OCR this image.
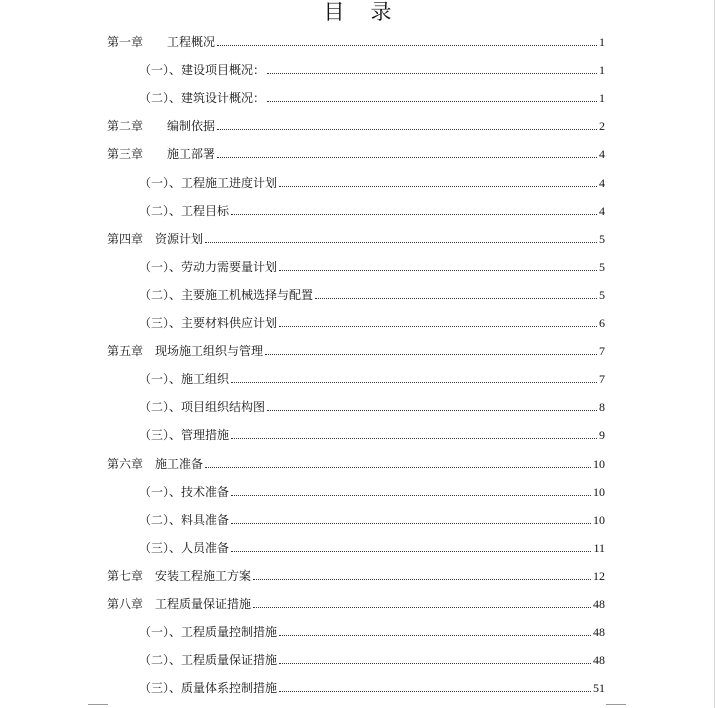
目录
第一章　　工程概况	1
（一）、建设项目概况：	1
（二）、建筑设计概况：	1
第二章　　编制依据	2
第三章　　施工部署	4
（一）、工程施工进度计划	4
（二）、工程目标	4
第四章　资源计划	5
（一）、劳动力需要量计划	5
（二）、主要施工机械选择与配置	5
（三）、主要材料供应计划	6
第五章　现场施工组织与管理	7
（一）、施工组织	7
（二）、项目组织结构图	8
（三）、管理措施	9
第六章　施工准备	10
（一）、技术准备	10
（二）、料具准备	10
（三）、人员准备	11
第七章　安装工程施工方案	12
第八章　工程质量保证措施	48
（一）、工程质量控制措施	48
（二）、工程质量保证措施	48
（三）、质量体系控制措施	51
